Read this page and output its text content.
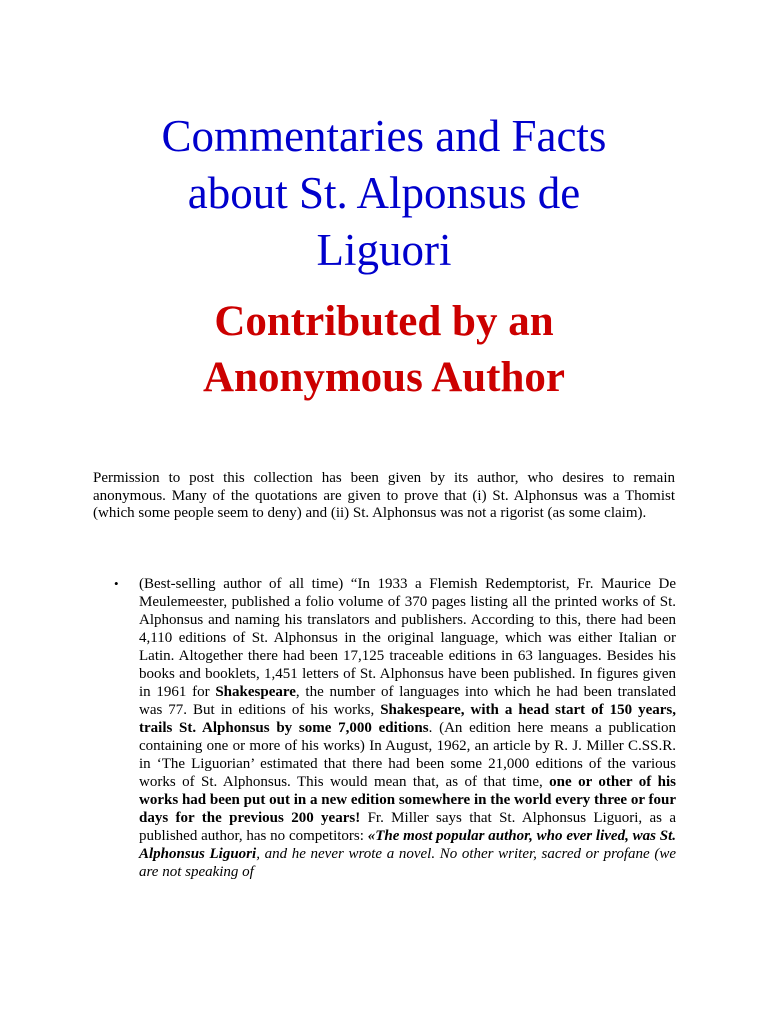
Commentaries and Facts
about St. Alponsus de
Liguori
Contributed by an
Anonymous Author

Permission to post this collection has been given by its author, who desires to remain anonymous. Many of the quotations are given to prove that (i) St. Alphonsus was a Thomist (which some people seem to deny) and (ii) St. Alphonsus was not a rigorist (as some claim).

• (Best-selling author of all time) “In 1933 a Flemish Redemptorist, Fr. Maurice De Meulemeester, published a folio volume of 370 pages listing all the printed works of St. Alphonsus and naming his translators and publishers. According to this, there had been 4,110 editions of St. Alphonsus in the original language, which was either Italian or Latin. Altogether there had been 17,125 traceable editions in 63 languages. Besides his books and booklets, 1,451 letters of St. Alphonsus have been published. In figures given in 1961 for Shakespeare, the number of languages into which he had been translated was 77. But in editions of his works, Shakespeare, with a head start of 150 years, trails St. Alphonsus by some 7,000 editions. (An edition here means a publication containing one or more of his works) In August, 1962, an article by R. J. Miller C.SS.R. in ‘The Liguorian’ estimated that there had been some 21,000 editions of the various works of St. Alphonsus. This would mean that, as of that time, one or other of his works had been put out in a new edition somewhere in the world every three or four days for the previous 200 years! Fr. Miller says that St. Alphonsus Liguori, as a published author, has no competitors: «The most popular author, who ever lived, was St. Alphonsus Liguori, and he never wrote a novel. No other writer, sacred or profane (we are not speaking of
